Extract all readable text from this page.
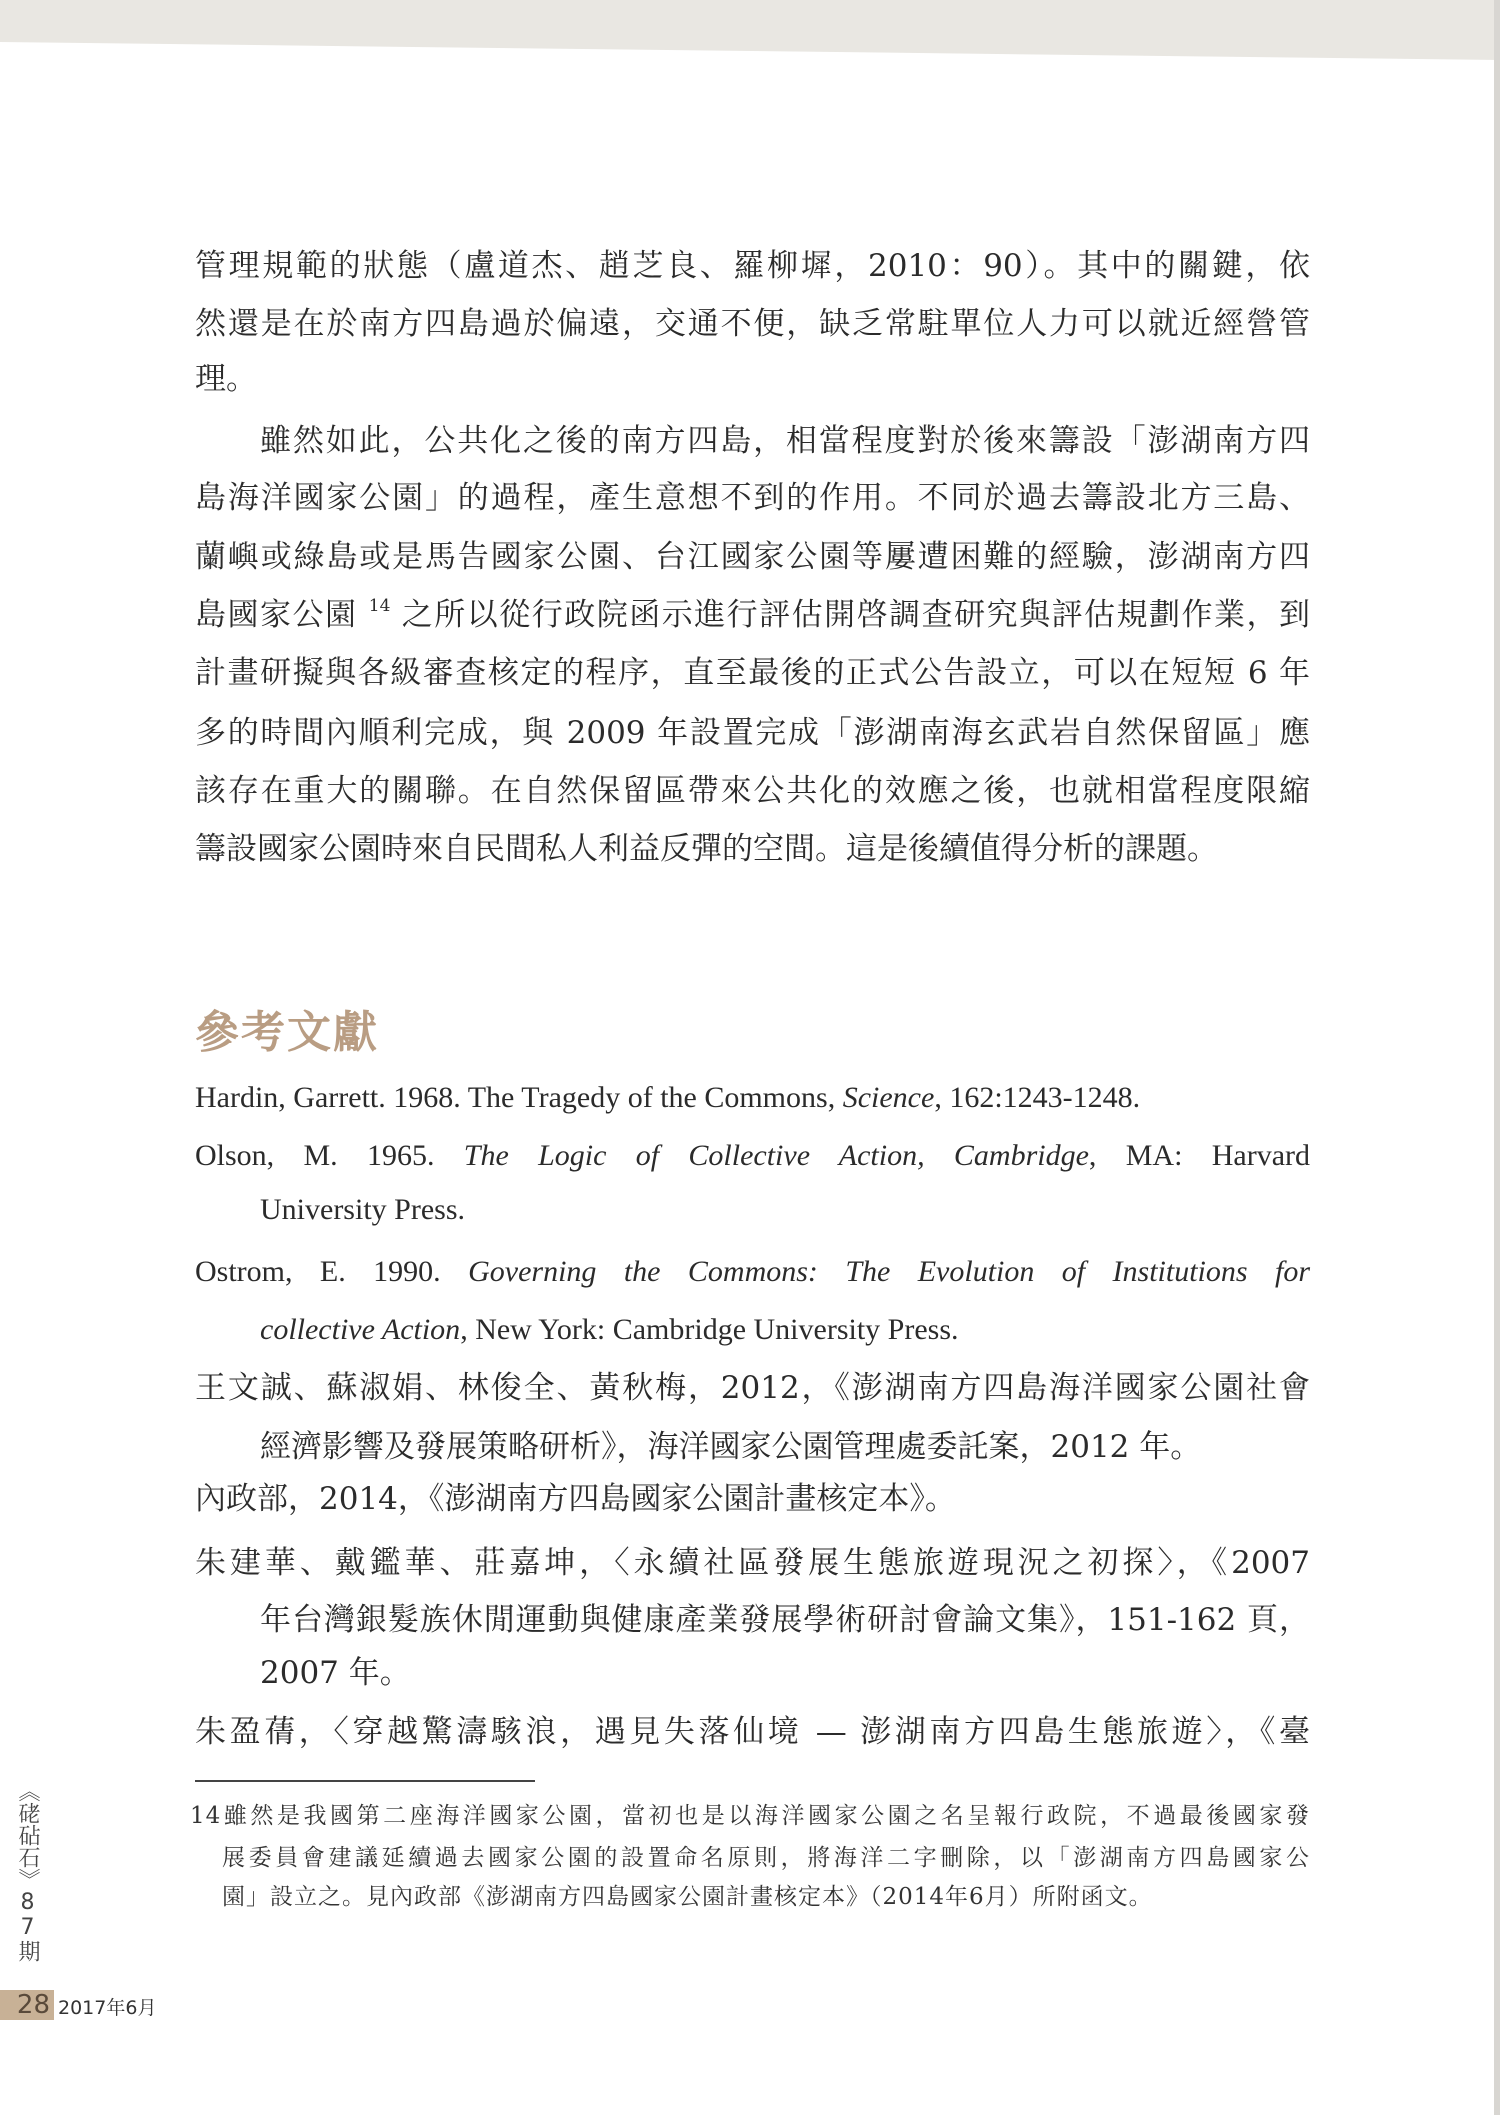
管理規範的狀態（盧道杰、趙芝良、羅柳墀，2010：90）。其中的關鍵，依
然還是在於南方四島過於偏遠，交通不便，缺乏常駐單位人力可以就近經營管
理。
雖然如此，公共化之後的南方四島，相當程度對於後來籌設「澎湖南方四
島海洋國家公園」的過程，產生意想不到的作用。不同於過去籌設北方三島、
蘭嶼或綠島或是馬告國家公園、台江國家公園等屢遭困難的經驗，澎湖南方四
島國家公園 $^{14}$ 之所以從行政院函示進行評估開啓調查研究與評估規劃作業，到
計畫研擬與各級審查核定的程序，直至最後的正式公告設立，可以在短短 6 年
多的時間內順利完成，與 2009 年設置完成「澎湖南海玄武岩自然保留區」應
該存在重大的關聯。在自然保留區帶來公共化的效應之後，也就相當程度限縮
籌設國家公園時來自民間私人利益反彈的空間。這是後續值得分析的課題。
參考文獻
Hardin, Garrett. 1968. The Tragedy of the Commons, Science, 162:1243-1248.
Olson, M. 1965. The Logic of Collective Action, Cambridge, MA: Harvard
University Press.
Ostrom, E. 1990. Governing the Commons: The Evolution of Institutions for
collective Action, New York: Cambridge University Press.
王文誠、蘇淑娟、林俊全、黃秋梅，2012，《澎湖南方四島海洋國家公園社會
經濟影響及發展策略研析》，海洋國家公園管理處委託案，2012 年。
內政部，2014，《澎湖南方四島國家公園計畫核定本》。
朱建華、戴鑑華、莊嘉坤，〈永續社區發展生態旅遊現況之初探〉，《2007
年台灣銀髮族休閒運動與健康產業發展學術研討會論文集》，151-162 頁，
2007 年。
朱盈蒨，〈穿越驚濤駭浪，遇見失落仙境 — 澎湖南方四島生態旅遊〉，《臺
14雖然是我國第二座海洋國家公園，當初也是以海洋國家公園之名呈報行政院，不過最後國家發
展委員會建議延續過去國家公園的設置命名原則，將海洋二字刪除，以「澎湖南方四島國家公
園」設立之。見內政部《澎湖南方四島國家公園計畫核定本》（2014年6月）所附函文。
《硓砧石》87期
28 2017年6月
